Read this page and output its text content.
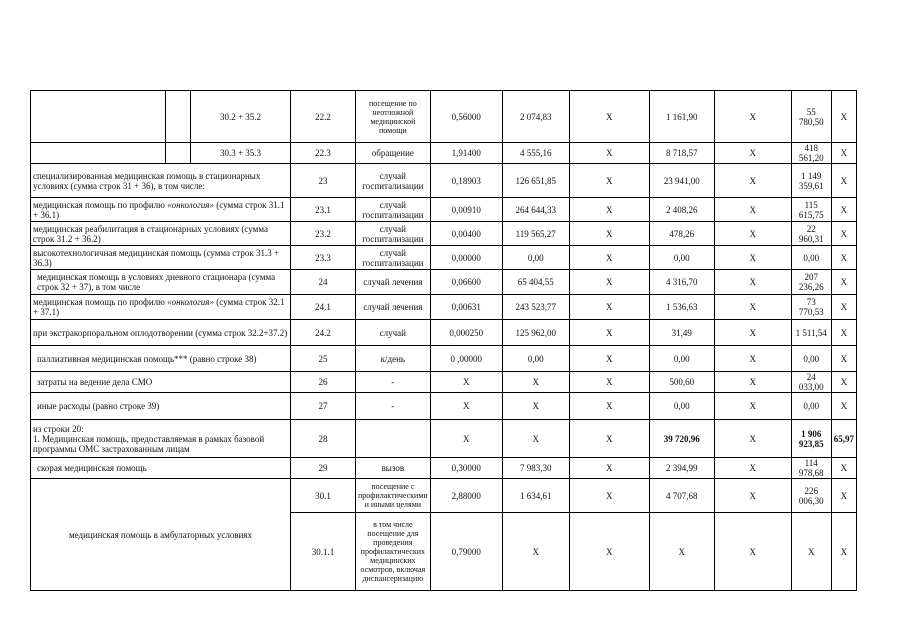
		30.2 + 35.2	22.2	посещение по неотложной медицинской помощи	0,56000	2 074,83	X	1 161,90	X	55 780,50	X
		30.3 + 35.3	22.3	обращение	1,91400	4 555,16	X	8 718,57	X	418 561,20	X
специализированная медицинская помощь в стационарных условиях (сумма строк 31 + 36), в том числе:			23	случай госпитализации	0,18903	126 651,85	X	23 941,00	X	1 149 359,61	X
медицинская помощь по профилю «онкология» (сумма строк 31.1 + 36.1)			23.1	случай госпитализации	0,00910	264 644,33	X	2 408,26	X	115 615,75	X
медицинская реабилитация в стационарных условиях (сумма строк 31.2 + 36.2)			23.2	случай госпитализации	0,00400	119 565,27	X	478,26	X	22 960,31	X
высокотехнологичная медицинская помощь (сумма строк 31.3 + 36.3)			23.3	случай госпитализации	0,00000	0,00	X	0,00	X	0,00	X
медицинская помощь в условиях дневного стационара (сумма строк 32 + 37), в том числе			24	случай лечения	0,06600	65 404,55	X	4 316,70	X	207 236,26	X
медицинская помощь по профилю «онкология» (сумма строк 32.1 + 37.1)			24.1	случай лечения	0,00631	243 523,77	X	1 536,63	X	73 770,53	X
при экстракорпоральном оплодотворении (сумма строк 32.2+37.2)			24.2	случай	0,000250	125 962,00	X	31,49	X	1 511,54	X
паллиативная медицинская помощь*** (равно строке 38)			25	к/день	0 ,00000	0,00	X	0,00	X	0,00	X
затраты на ведение дела СМО			26	-	X	X	X	500,60	X	24 033,00	X
иные расходы (равно строке 39)			27	-	X	X	X	0,00	X	0,00	X
из строки 20:
1. Медицинская помощь, предоставляемая в рамках базовой программы ОМС застрахованным лицам			28		X	X	X	39 720,96	X	1 906 923,85	65,97
скорая медицинская помощь			29	вызов	0,30000	7 983,30	X	2 394,99	X	114 978,68	X
медицинская помощь в амбулаторных условиях			30.1	посещение с профилактическими и иными целями	2,88000	1 634,61	X	4 707,68	X	226 006,30	X
			30.1.1	в том числе посещение для проведения профилактических медицинских осмотров, включая диспансеризацию	0,79000	X	X	X	X	X	X
